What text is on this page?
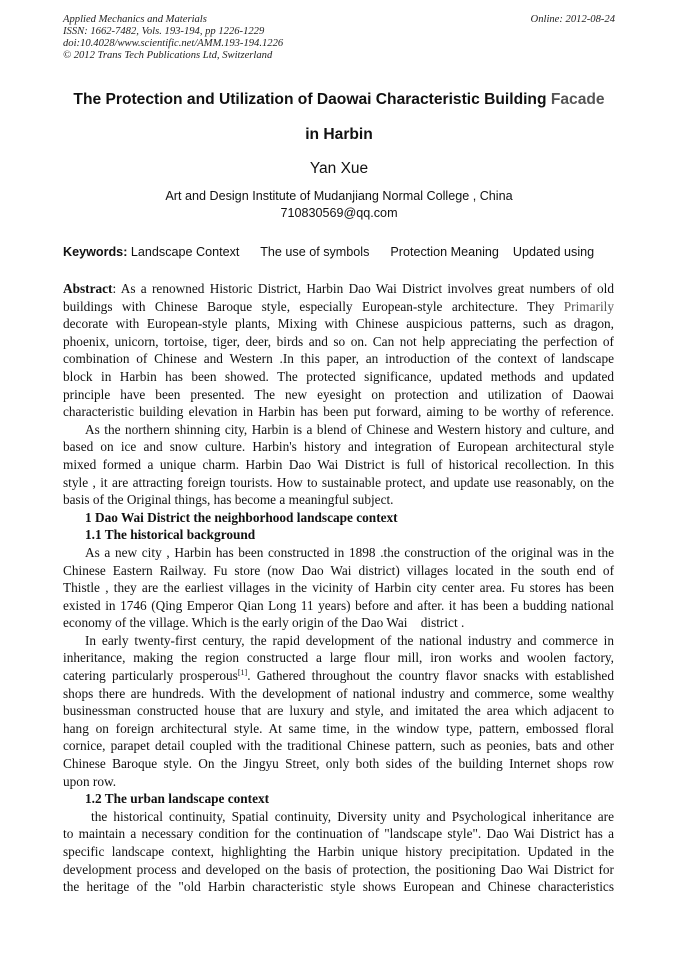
Applied Mechanics and Materials
ISSN: 1662-7482, Vols. 193-194, pp 1226-1229
doi:10.4028/www.scientific.net/AMM.193-194.1226
© 2012 Trans Tech Publications Ltd, Switzerland
Online: 2012-08-24
The Protection and Utilization of Daowai Characteristic Building Facade
in Harbin
Yan Xue
Art and Design Institute of Mudanjiang Normal College , China
710830569@qq.com
Keywords: Landscape Context The use of symbols Protection Meaning Updated using
Abstract: As a renowned Historic District, Harbin Dao Wai District involves great numbers of old
buildings with Chinese Baroque style, especially European-style architecture. They Primarily
decorate with European-style plants, Mixing with Chinese auspicious patterns, such as dragon,
phoenix, unicorn, tortoise, tiger, deer, birds and so on. Can not help appreciating the perfection of
combination of Chinese and Western .In this paper, an introduction of the context of landscape
block in Harbin has been showed. The protected significance, updated methods and updated
principle have been presented. The new eyesight on protection and utilization of Daowai
characteristic building elevation in Harbin has been put forward, aiming to be worthy of reference.
As the northern shinning city, Harbin is a blend of Chinese and Western history and culture, and
based on ice and snow culture. Harbin's history and integration of European architectural style
mixed formed a unique charm. Harbin Dao Wai District is full of historical recollection. In this
style , it are attracting foreign tourists. How to sustainable protect, and update use reasonably, on the
basis of the Original things, has become a meaningful subject.
1 Dao Wai District the neighborhood landscape context
1.1 The historical background
As a new city , Harbin has been constructed in 1898 .the construction of the original was in the
Chinese Eastern Railway. Fu store (now Dao Wai district) villages located in the south end of
Thistle , they are the earliest villages in the vicinity of Harbin city center area. Fu stores has been
existed in 1746 (Qing Emperor Qian Long 11 years) before and after. it has been a budding national
economy of the village. Which is the early origin of the Dao Wai    district .
In early twenty-first century, the rapid development of the national industry and commerce in
inheritance, making the region constructed a large flour mill, iron works and woolen factory,
catering particularly prosperous[1]. Gathered throughout the country flavor snacks with established
shops there are hundreds. With the development of national industry and commerce, some wealthy
businessman constructed house that are luxury and style, and imitated the area which adjacent to
hang on foreign architectural style. At same time, in the window type, pattern, embossed floral
cornice, parapet detail coupled with the traditional Chinese pattern, such as peonies, bats and other
Chinese Baroque style. On the Jingyu Street, only both sides of the building Internet shops row
upon row.
1.2 The urban landscape context
the historical continuity, Spatial continuity, Diversity unity and Psychological inheritance are
to maintain a necessary condition for the continuation of "landscape style". Dao Wai District has a
specific landscape context, highlighting the Harbin unique history precipitation. Updated in the
development process and developed on the basis of protection, the positioning Dao Wai District for
the heritage of the "old Harbin characteristic style shows European and Chinese characteristics
